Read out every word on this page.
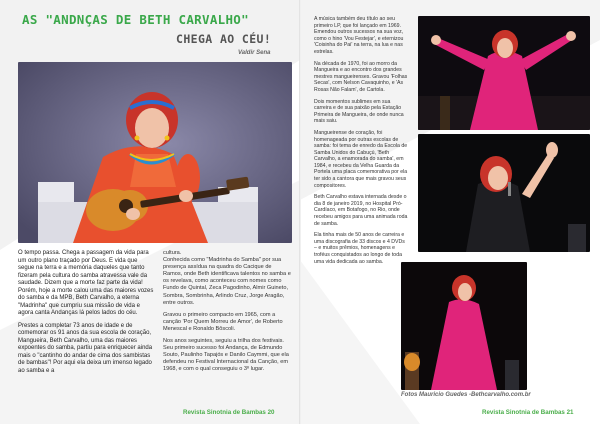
AS "ANDNÇAS DE BETH CARVALHO"
CHEGA AO CÉU!
Valdir Sena

O tempo passa. Chega a passagem da vida para um outro plano traçado por Deus. E vida que segue na terra e a memória daqueles que tanto fizeram pela cultura do samba atravessa vale da saudade. Dizem que a morte faz parte da vida! Porém, hoje a morte calou uma das maiores vozes do samba e da MPB, Beth Carvalho, a eterna "Madrinha" que cumpriu sua missão de vida e agora canta Andanças lá pelos lados do céu.

Prestes a completar 73 anos de idade e de comemorar os 91 anos da sua escola de coração, Mangueira, Beth Carvalho, uma das maiores expoentes do samba, partiu para enriquecer ainda mais o "cantinho do andar de cima dos sambistas de bambas"! Por aqui ela deixa um imenso legado ao samba e a

cultura.

Conhecida como "Madrinha do Samba" por sua presença assídua na quadra do Cacique de Ramos, onde Beth identificava talentos no samba e os revelava, como aconteceu com nomes como Fundo de Quintal, Zeca Pagodinho, Almir Guineto, Sombra, Sombrinha, Arlindo Cruz, Jorge Aragão, entre outros.

Gravou o primeiro compacto em 1965, com a canção 'Por Quem Morreu de Amor', de Roberto Menescal e Ronaldo Bôscoli.

Nos anos seguintes, seguiu a trilha dos festivais. Seu primeiro sucesso foi Andança, de Edmundo Souto, Paulinho Tapajós e Danilo Caymmi, que ela defendeu no Festival Internacional da Canção, em 1968, e com o qual conseguiu o 3º lugar.

A música também deu título ao seu primeiro LP, que foi lançado em 1969. Emendou outros sucessos na sua voz, como o hino 'Vou Festejar', e eternizou 'Coisinha do Pai' na terra, na lua e nas estrelas.

Na década de 1970, foi ao morro da Mangueira e ao encontro dos grandes mestres mangueirenses. Gravou 'Folhas Secas', com Nelson Cavaquinho, e 'As Rosas Não Falam', de Cartola.

Dois momentos sublimes em sua carreira e de sua paixão pela Estação Primeira de Mangueira, de onde nunca mais saiu.

Mangueirense de coração, foi homenageada por outras escolas de samba: foi tema de enredo da Escola de Samba Unidos do Cabuçú, 'Beth Carvalho, a enamorada do samba', em 1984, e recebeu da Velha Guarda da Portela uma placa comemorativa por ela ter sido a cantora que mais gravou seus compositores.

Beth Carvalho estava internada desde o dia 8 de janeiro 2019, no Hospital Pró-Cardíaco, em Botafogo, no Rio, onde recebeu amigos para uma animada roda de samba.

Ela tinha mais de 50 anos de carreira e uma discografia de 33 discos e 4 DVDs – e muitos prêmios, homenagens e troféus conquistados ao longo de toda uma vida dedicada ao samba.

Fotos Mauricio Guedes -Bethcarvalho.com.br
Revista Sinotnia de Bambas 20	Revista Sinotnia de Bambas 21
